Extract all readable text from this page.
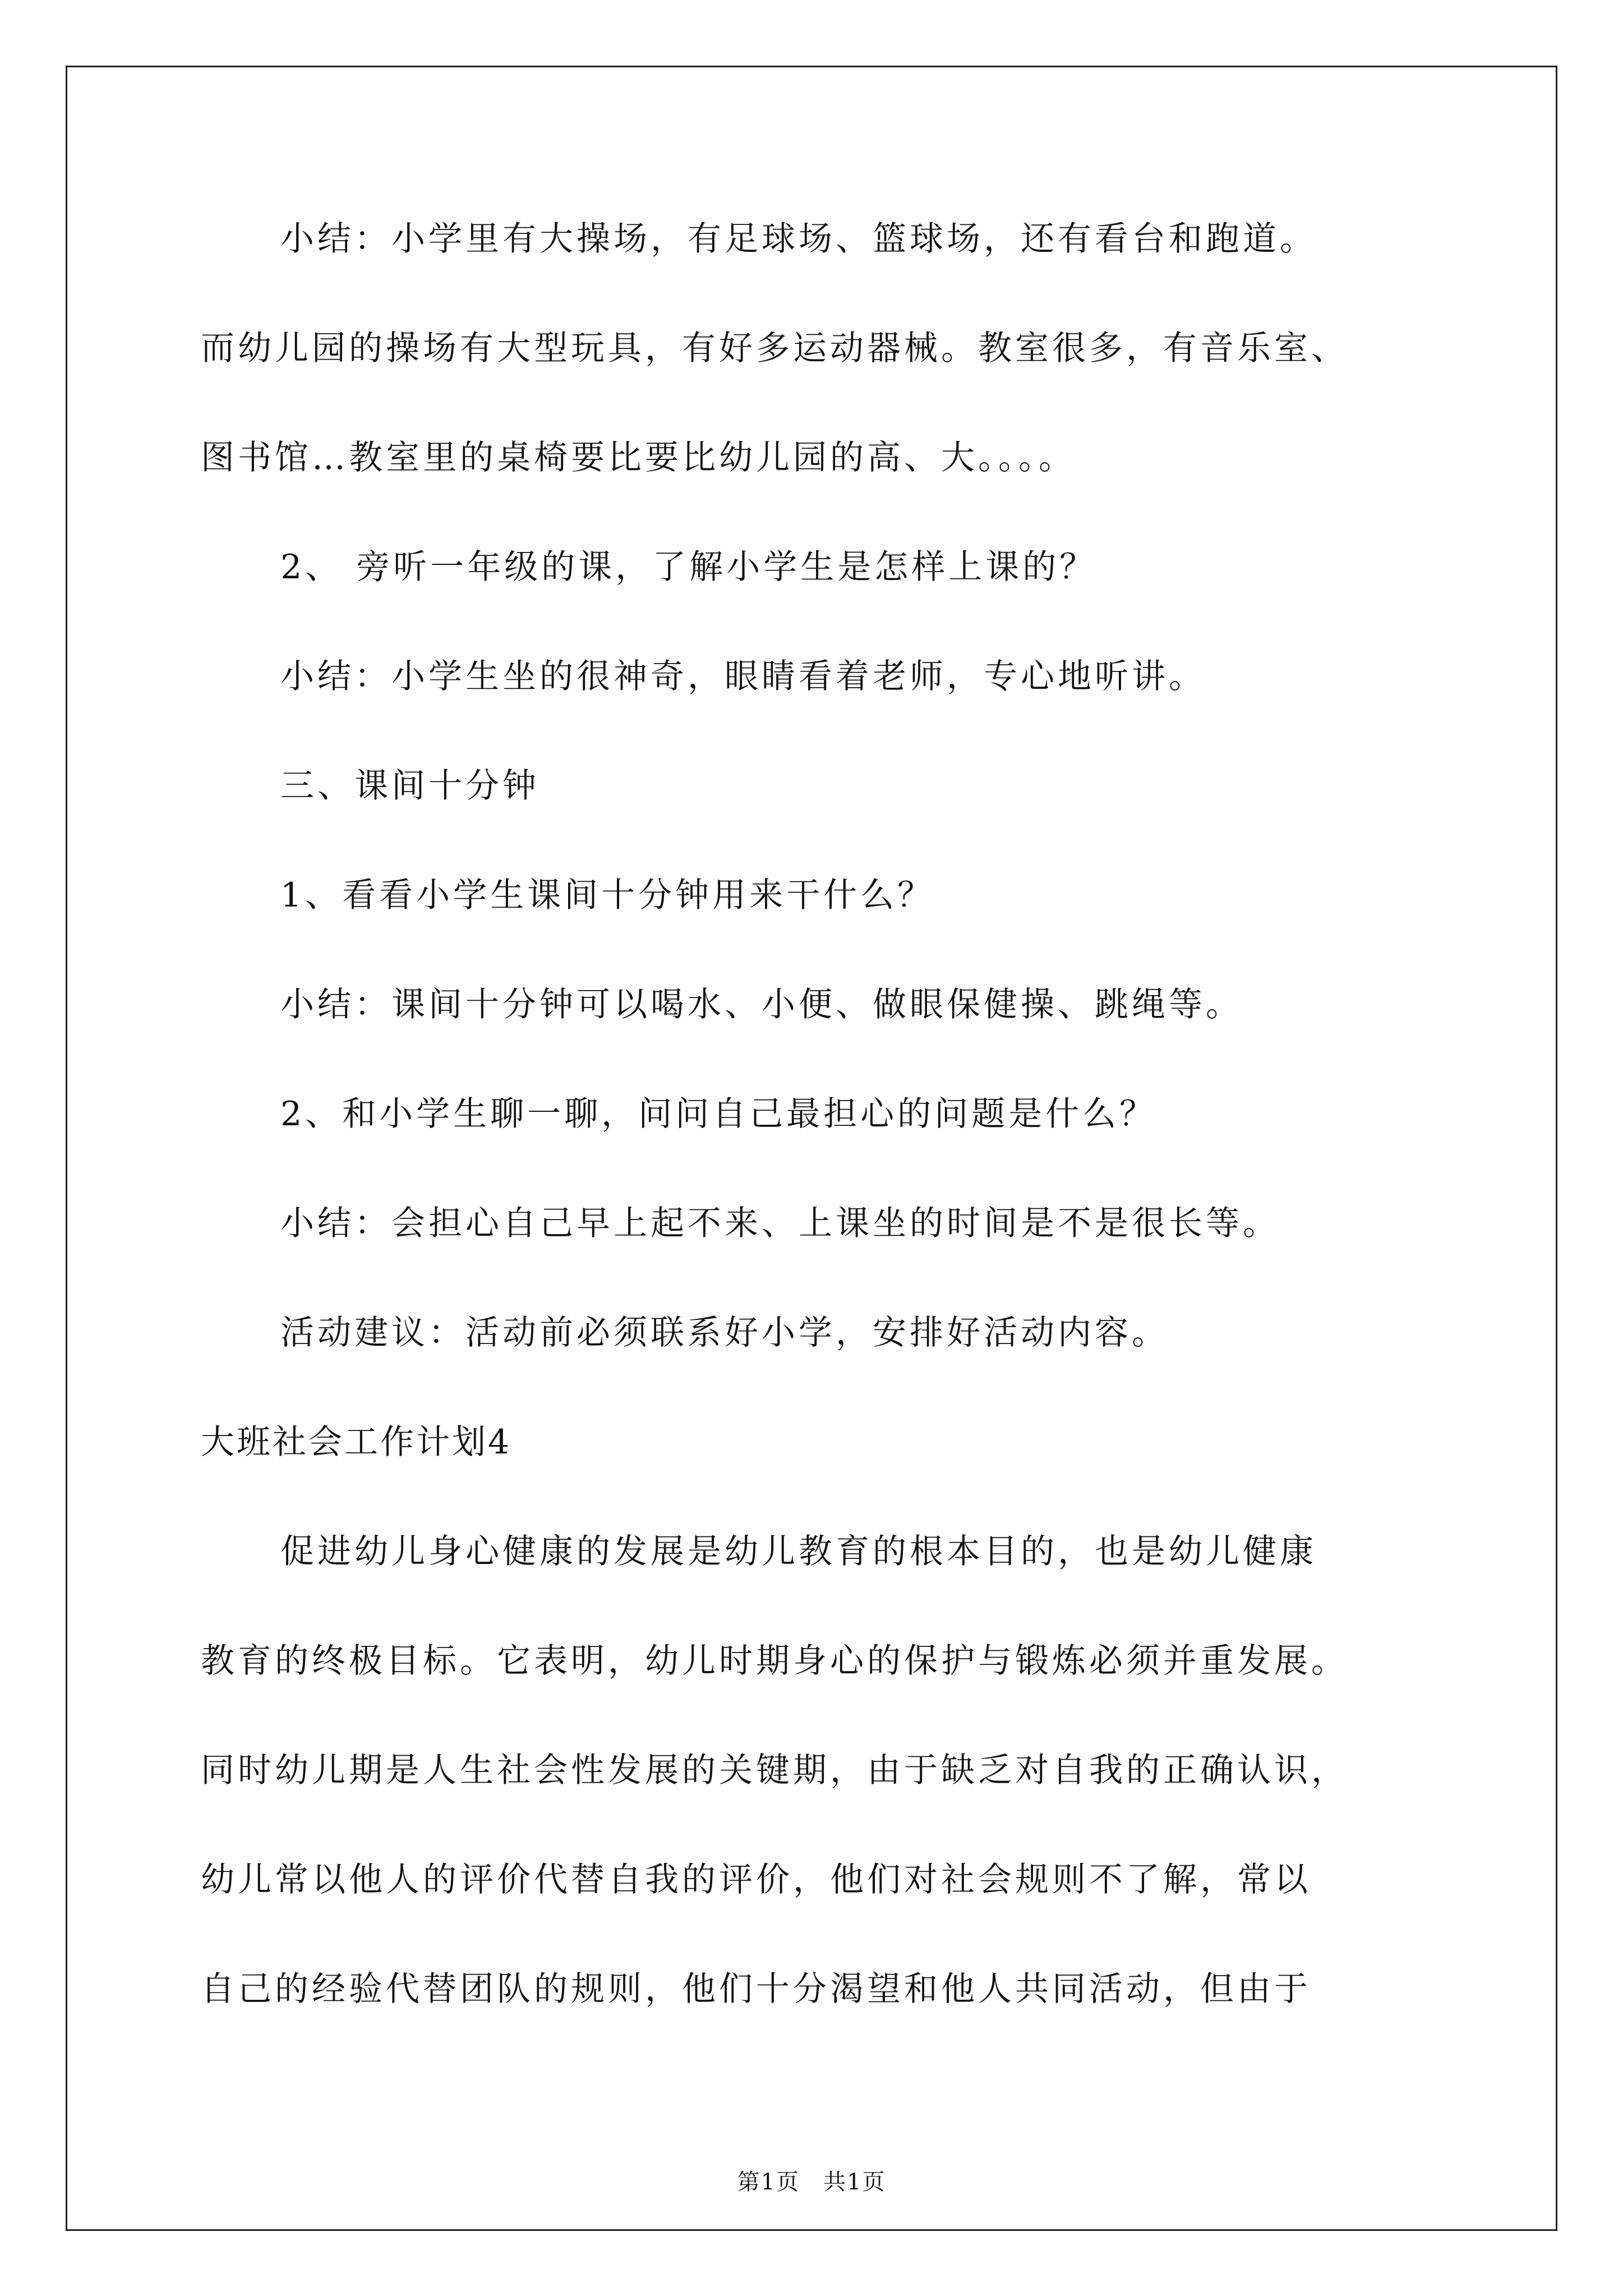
小结：小学里有大操场，有足球场、篮球场，还有看台和跑道。
而幼儿园的操场有大型玩具，有好多运动器械。教室很多，有音乐室、
图书馆…教室里的桌椅要比要比幼儿园的高、大。。。。
2、 旁听一年级的课，了解小学生是怎样上课的？
小结：小学生坐的很神奇，眼睛看着老师，专心地听讲。
三、课间十分钟
1、看看小学生课间十分钟用来干什么？
小结：课间十分钟可以喝水、小便、做眼保健操、跳绳等。
2、和小学生聊一聊，问问自己最担心的问题是什么？
小结：会担心自己早上起不来、上课坐的时间是不是很长等。
活动建议：活动前必须联系好小学，安排好活动内容。
大班社会工作计划4
促进幼儿身心健康的发展是幼儿教育的根本目的，也是幼儿健康
教育的终极目标。它表明，幼儿时期身心的保护与锻炼必须并重发展。
同时幼儿期是人生社会性发展的关键期，由于缺乏对自我的正确认识，
幼儿常以他人的评价代替自我的评价，他们对社会规则不了解，常以
自己的经验代替团队的规则，他们十分渴望和他人共同活动，但由于
第1页　共1页
